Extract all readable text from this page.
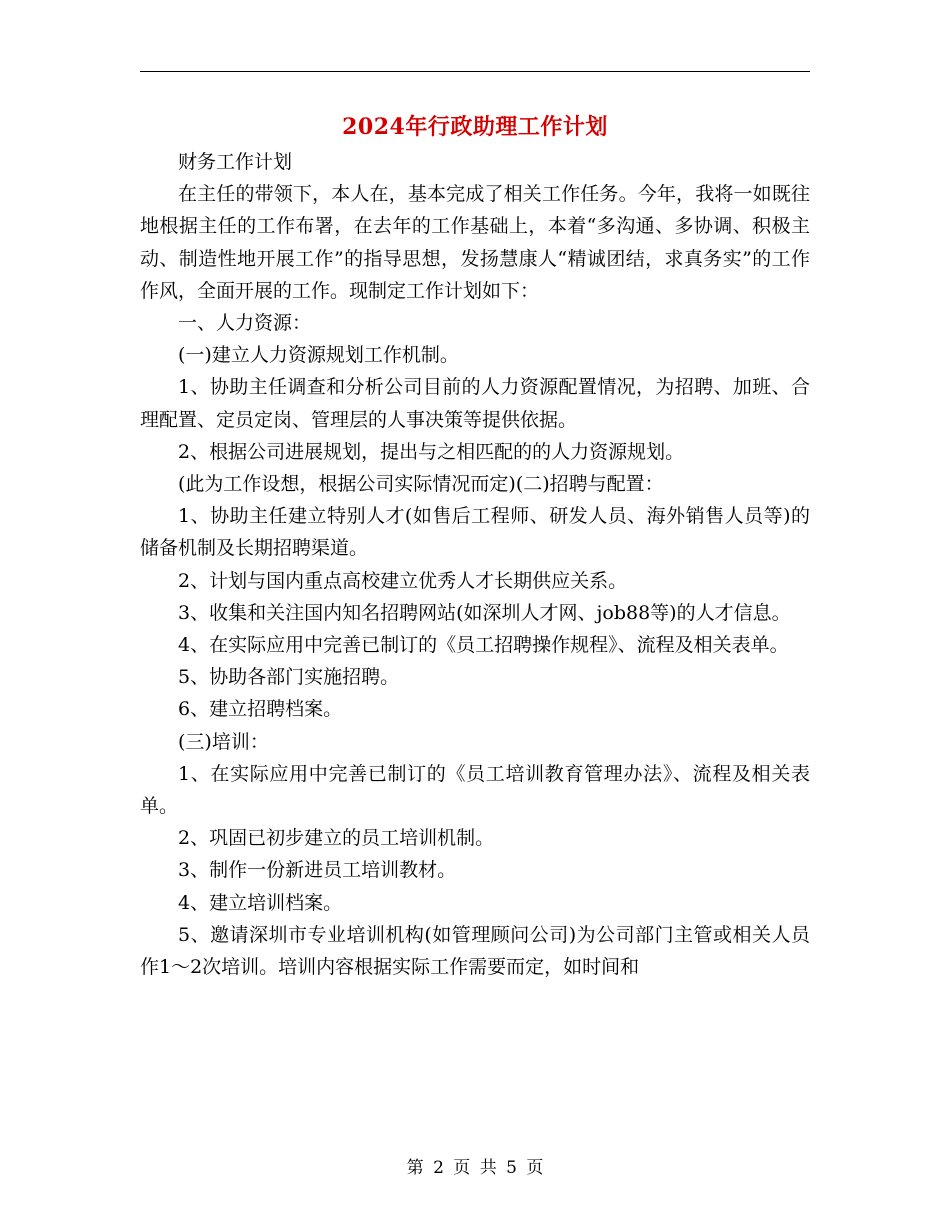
2024年行政助理工作计划

财务工作计划

在主任的带领下，本人在，基本完成了相关工作任务。今年，我将一如既往地根据主任的工作布署，在去年的工作基础上，本着“多沟通、多协调、积极主动、制造性地开展工作”的指导思想，发扬慧康人“精诚团结，求真务实”的工作作风，全面开展的工作。现制定工作计划如下：

一、人力资源：

(一)建立人力资源规划工作机制。

1、协助主任调查和分析公司目前的人力资源配置情况，为招聘、加班、合理配置、定员定岗、管理层的人事决策等提供依据。

2、根据公司进展规划，提出与之相匹配的的人力资源规划。

(此为工作设想，根据公司实际情况而定)(二)招聘与配置：

1、协助主任建立特别人才(如售后工程师、研发人员、海外销售人员等)的储备机制及长期招聘渠道。

2、计划与国内重点高校建立优秀人才长期供应关系。

3、收集和关注国内知名招聘网站(如深圳人才网、job88等)的人才信息。

4、在实际应用中完善已制订的《员工招聘操作规程》、流程及相关表单。

5、协助各部门实施招聘。

6、建立招聘档案。

(三)培训：

1、在实际应用中完善已制订的《员工培训教育管理办法》、流程及相关表单。

2、巩固已初步建立的员工培训机制。

3、制作一份新进员工培训教材。

4、建立培训档案。

5、邀请深圳市专业培训机构(如管理顾问公司)为公司部门主管或相关人员作1～2次培训。培训内容根据实际工作需要而定，如时间和

第 2 页 共 5 页
